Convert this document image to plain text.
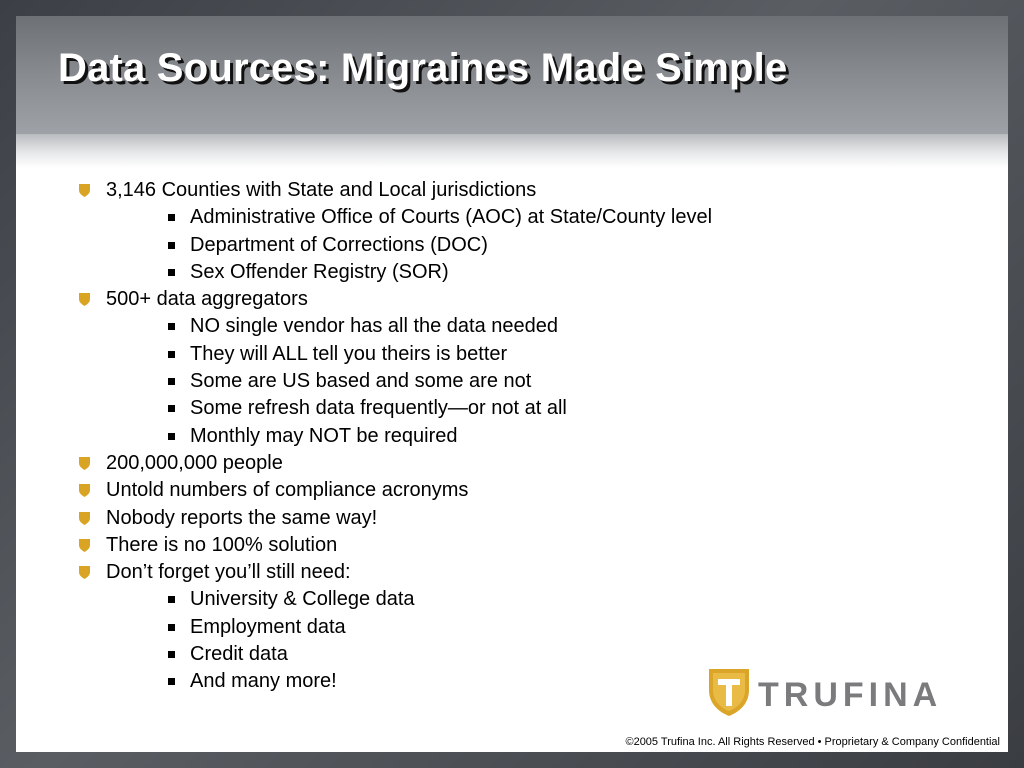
Data Sources: Migraines Made Simple
3,146 Counties with State and Local jurisdictions
Administrative Office of Courts (AOC) at State/County level
Department of Corrections (DOC)
Sex Offender Registry (SOR)
500+ data aggregators
NO single vendor has all the data needed
They will ALL tell you theirs is better
Some are US based and some are not
Some refresh data frequently—or not at all
Monthly may NOT be required
200,000,000 people
Untold numbers of compliance acronyms
Nobody reports the same way!
There is no 100% solution
Don’t forget you’ll still need:
University & College data
Employment data
Credit data
And many more!	TRUFINA
©2005 Trufina Inc. All Rights Reserved • Proprietary & Company Confidential
